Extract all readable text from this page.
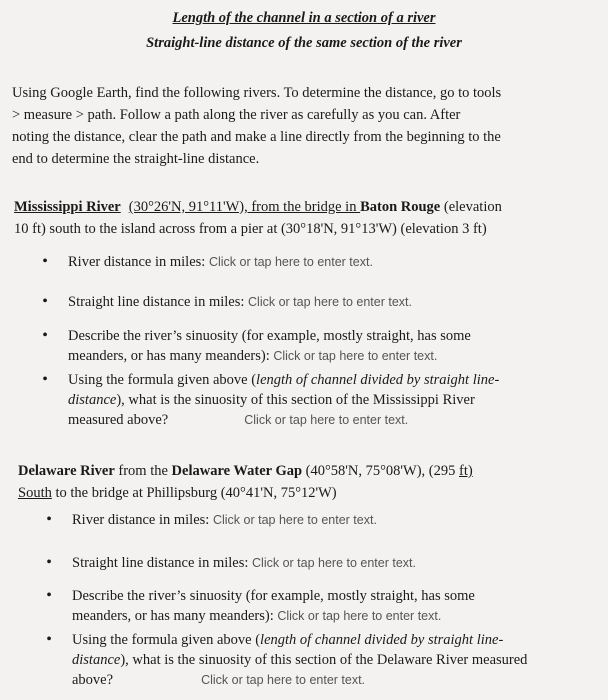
Length of the channel in a section of a river
Straight-line distance of the same section of the river
Using Google Earth, find the following rivers. To determine the distance, go to tools
> measure > path. Follow a path along the river as carefully as you can. After
noting the distance, clear the path and make a line directly from the beginning to the
end to determine the straight-line distance.
Mississippi River (30°26'N, 91°11'W), from the bridge in Baton Rouge (elevation
10 ft) south to the island across from a pier at (30°18'N, 91°13'W) (elevation 3 ft)
• River distance in miles: Click or tap here to enter text.
• Straight line distance in miles: Click or tap here to enter text.
• Describe the river’s sinuosity (for example, mostly straight, has some
meanders, or has many meanders): Click or tap here to enter text.
• Using the formula given above (length of channel divided by straight line-
distance), what is the sinuosity of this section of the Mississippi River
measured above?	Click or tap here to enter text.
Delaware River from the Delaware Water Gap (40°58'N, 75°08'W), (295 ft)
South to the bridge at Phillipsburg (40°41'N, 75°12'W)
• River distance in miles: Click or tap here to enter text.
• Straight line distance in miles: Click or tap here to enter text.
• Describe the river’s sinuosity (for example, mostly straight, has some
meanders, or has many meanders): Click or tap here to enter text.
• Using the formula given above (length of channel divided by straight line-
distance), what is the sinuosity of this section of the Delaware River measured
above?	Click or tap here to enter text.
